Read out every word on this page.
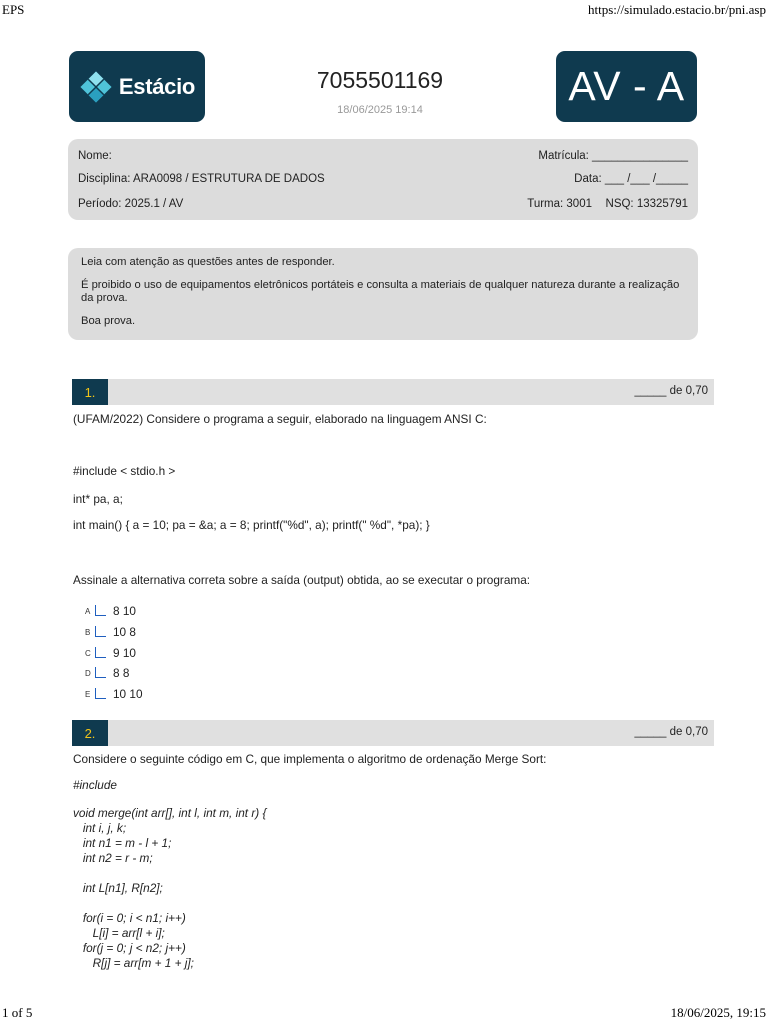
EPS	https://simulado.estacio.br/pni.asp
1 of 5	18/06/2025, 19:15
Estácio	7055501169
18/06/2025 19:14
AV - A
Nome:	Matrícula: _______________
Disciplina: ARA0098 / ESTRUTURA DE DADOS	Data: ___ /___ /_____
Período: 2025.1 / AV	Turma: 3001 NSQ: 13325791

Leia com atenção as questões antes de responder.

É proibido o uso de equipamentos eletrônicos portáteis e consulta a materiais de qualquer natureza durante a realização da prova.

Boa prova.

1.	_____ de 0,70
(UFAM/2022) Considere o programa a seguir, elaborado na linguagem ANSI C:
#include < stdio.h >
int* pa, a;
int main() { a = 10; pa = &a; a = 8; printf("%d", a); printf(" %d", *pa); }
Assinale a alternativa correta sobre a saída (output) obtida, ao se executar o programa:
A 8 10
B 10 8
C 9 10
D 8 8
E 10 10
2.	_____ de 0,70
Considere o seguinte código em C, que implementa o algoritmo de ordenação Merge Sort:
#include
void merge(int arr[], int l, int m, int r) {
int i, j, k;
int n1 = m - l + 1;
int n2 = r - m;

int L[n1], R[n2];

for(i = 0; i < n1; i++)
L[i] = arr[l + i];
for(j = 0; j < n2; j++)
R[j] = arr[m + 1 + j];
